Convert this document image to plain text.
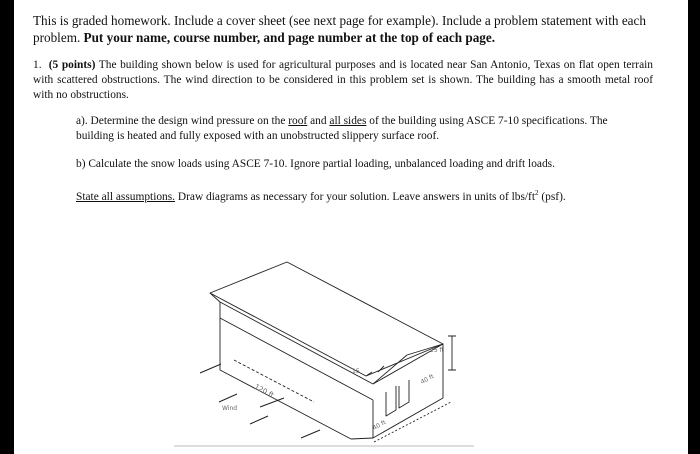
This is graded homework. Include a cover sheet (see next page for example). Include a problem statement with each problem. Put your name, course number, and page number at the top of each page.

1. (5 points) The building shown below is used for agricultural purposes and is located near San Antonio, Texas on flat open terrain with scattered obstructions. The wind direction to be considered in this problem set is shown. The building has a smooth metal roof with no obstructions.

a). Determine the design wind pressure on the roof and all sides of the building using ASCE 7-10 specifications. The building is heated and fully exposed with an unobstructed slippery surface roof.

b) Calculate the snow loads using ASCE 7-10. Ignore partial loading, unbalanced loading and drift loads.

State all assumptions. Draw diagrams as necessary for your solution. Leave answers in units of lbs/$ft^2$ (psf).

120 ft
40 ft
40 ft
25 ft
15
Wind
